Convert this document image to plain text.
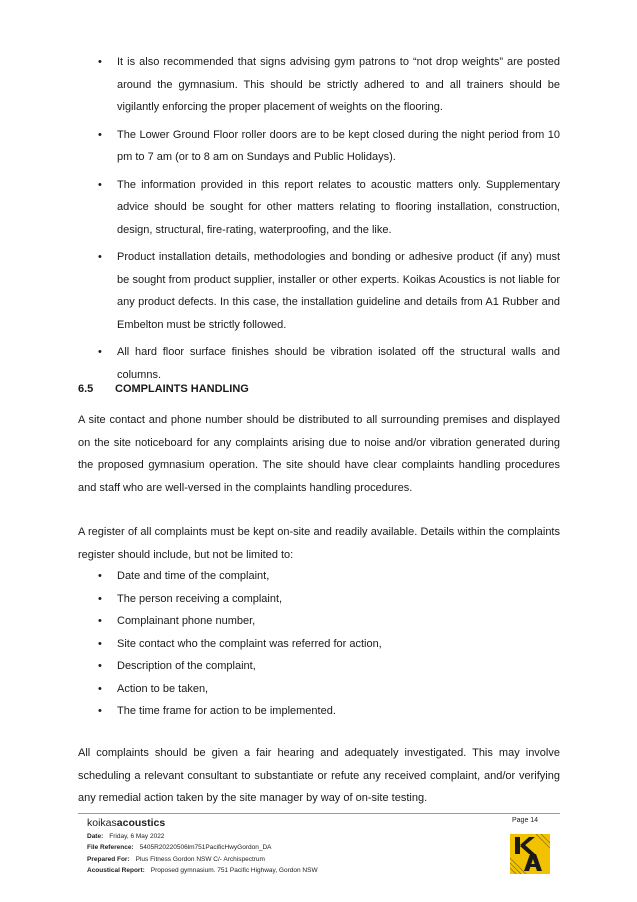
• It is also recommended that signs advising gym patrons to “not drop weights” are posted around the gymnasium. This should be strictly adhered to and all trainers should be vigilantly enforcing the proper placement of weights on the flooring.
• The Lower Ground Floor roller doors are to be kept closed during the night period from 10 pm to 7 am (or to 8 am on Sundays and Public Holidays).
• The information provided in this report relates to acoustic matters only. Supplementary advice should be sought for other matters relating to flooring installation, construction, design, structural, fire-rating, waterproofing, and the like.
• Product installation details, methodologies and bonding or adhesive product (if any) must be sought from product supplier, installer or other experts. Koikas Acoustics is not liable for any product defects. In this case, the installation guideline and details from A1 Rubber and Embelton must be strictly followed.
• All hard floor surface finishes should be vibration isolated off the structural walls and columns.
6.5 COMPLAINTS HANDLING

A site contact and phone number should be distributed to all surrounding premises and displayed on the site noticeboard for any complaints arising due to noise and/or vibration generated during the proposed gymnasium operation. The site should have clear complaints handling procedures and staff who are well-versed in the complaints handling procedures.

A register of all complaints must be kept on-site and readily available. Details within the complaints register should include, but not be limited to:

• Date and time of the complaint,
• The person receiving a complaint,
• Complainant phone number,
• Site contact who the complaint was referred for action,
• Description of the complaint,
• Action to be taken,
• The time frame for action to be implemented.

All complaints should be given a fair hearing and adequately investigated. This may involve scheduling a relevant consultant to substantiate or refute any received complaint, and/or verifying any remedial action taken by the site manager by way of on-site testing.

koikasacoustics
Date: Friday, 6 May 2022
File Reference: 5405R20220506lm751PacificHwyGordon_DA
Prepared For: Plus Fitness Gordon NSW C/- Archispectrum
Acoustical Report: Proposed gymnasium. 751 Pacific Highway, Gordon NSW
Page 14
